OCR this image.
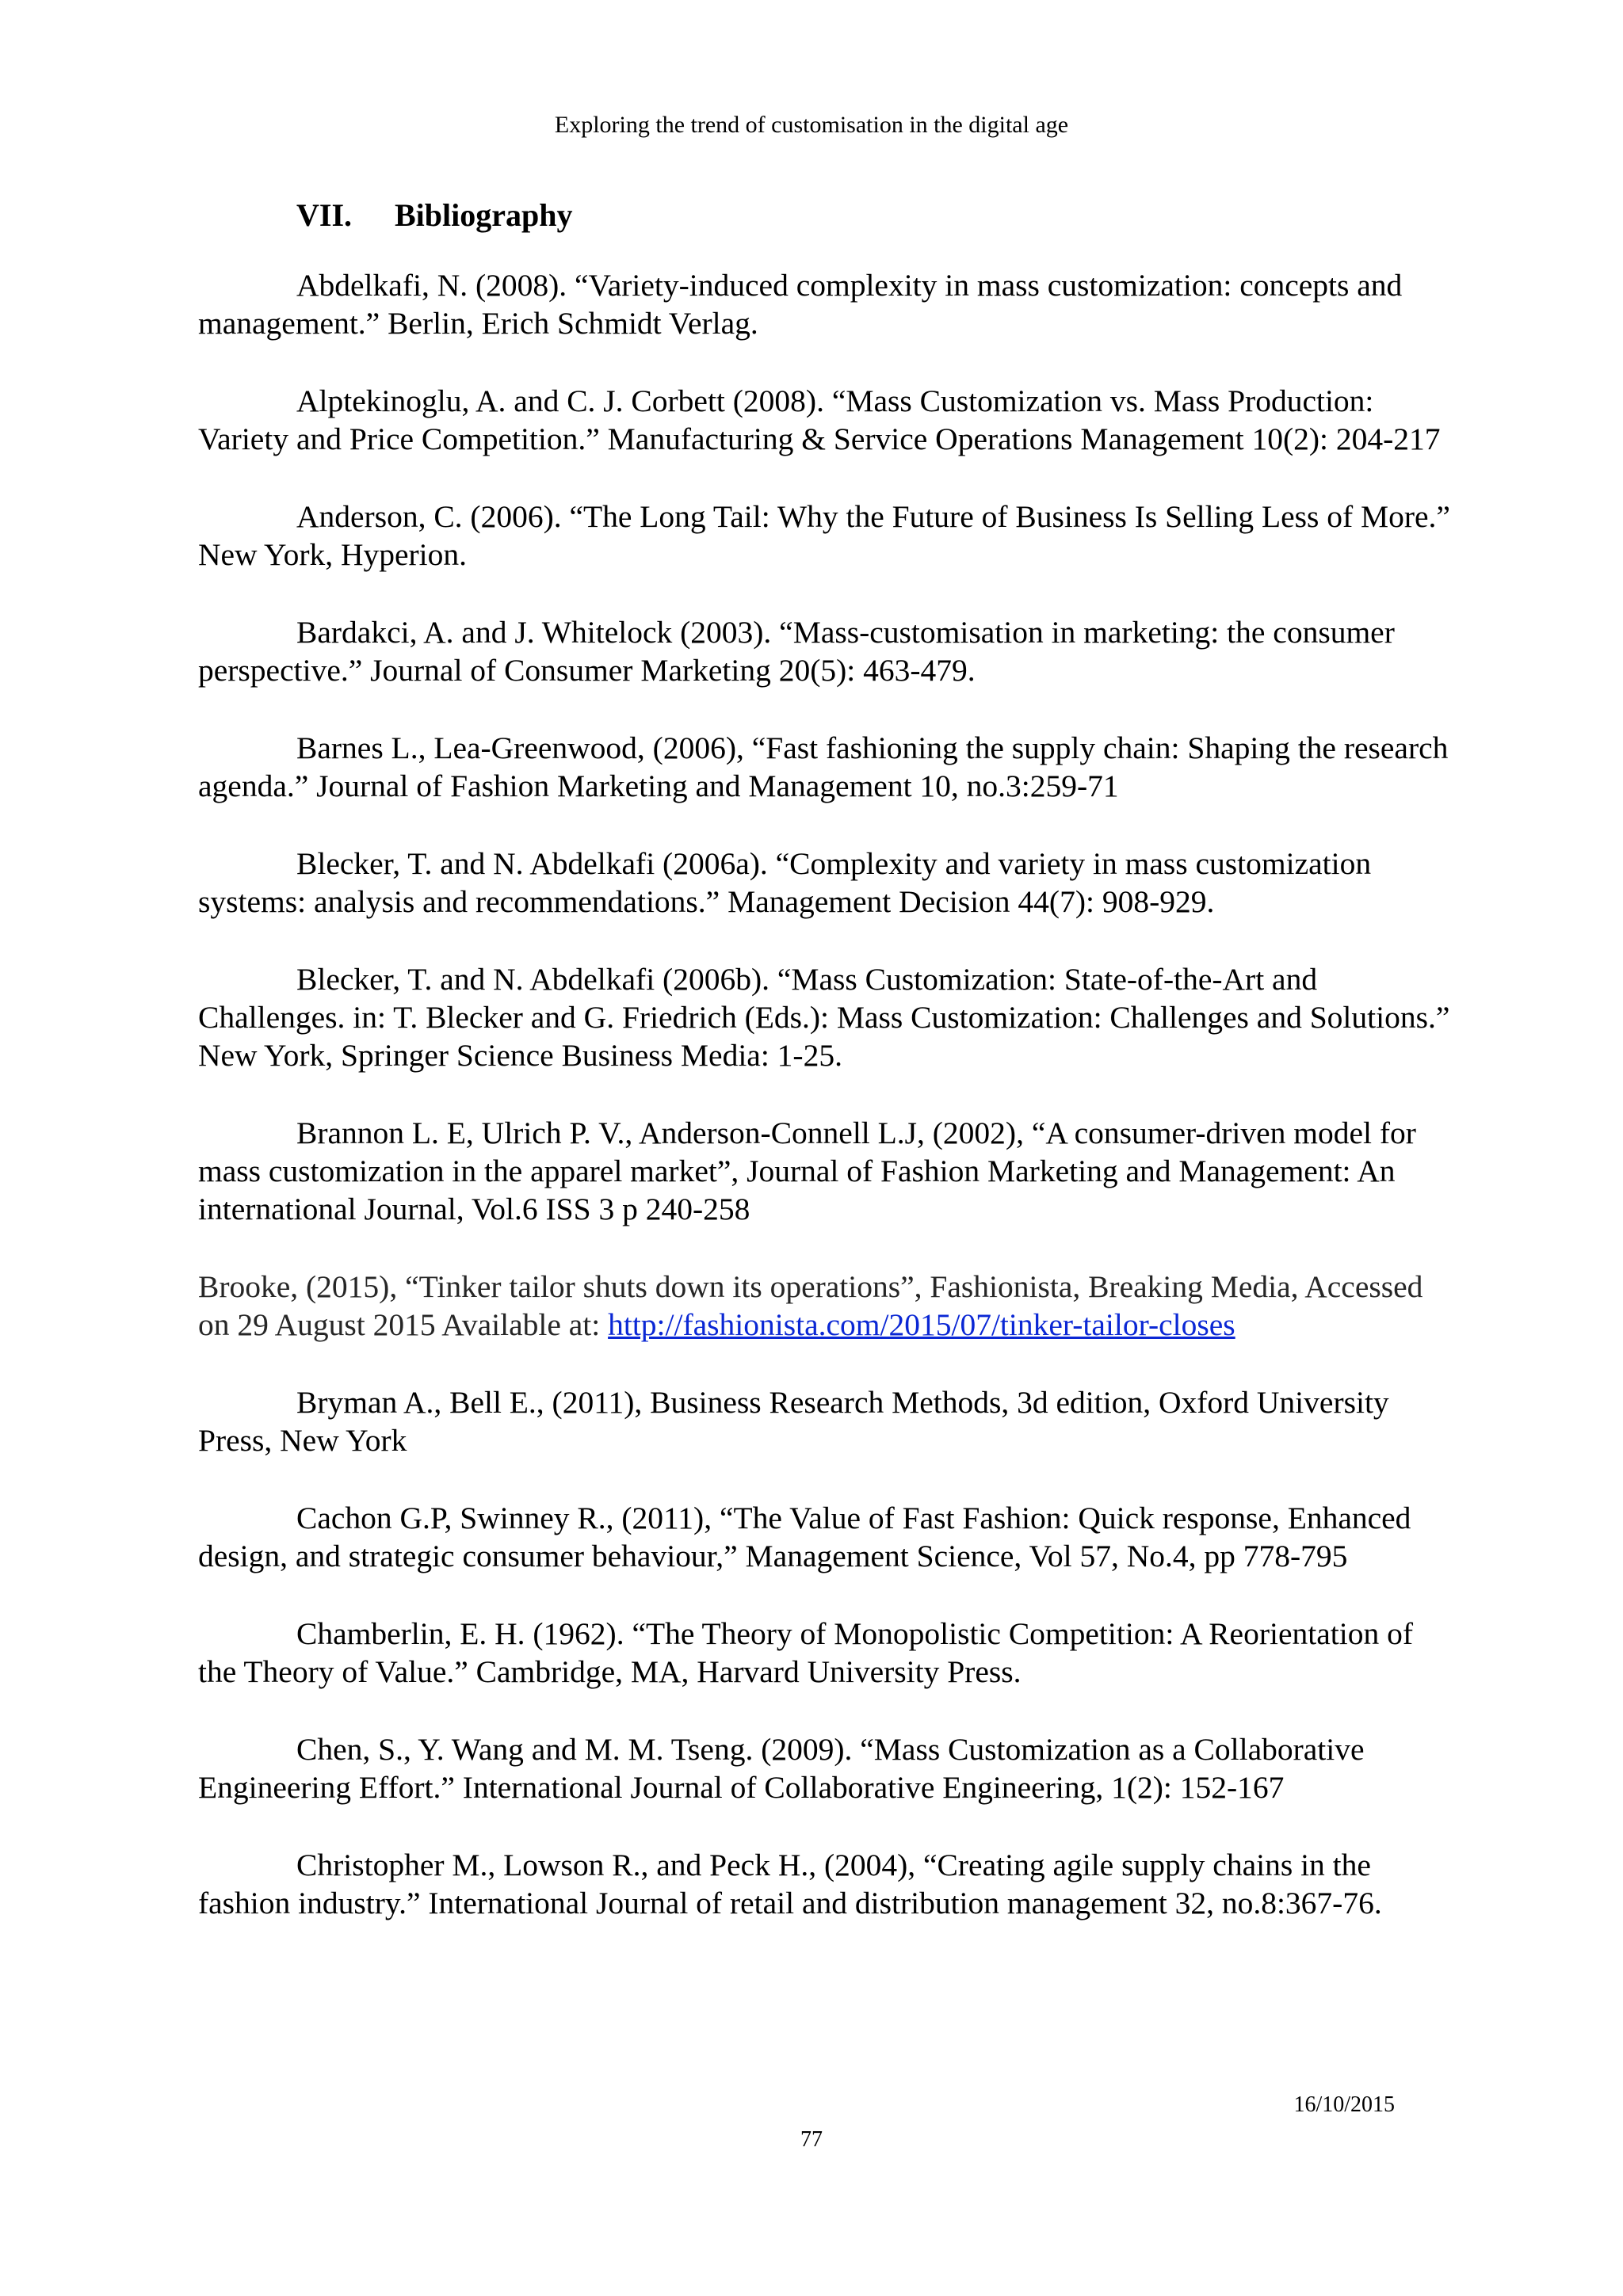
Exploring the trend of customisation in the digital age
VII. Bibliography
Abdelkafi, N. (2008). “Variety-induced complexity in mass customization: concepts and management.” Berlin, Erich Schmidt Verlag.
Alptekinoglu, A. and C. J. Corbett (2008). “Mass Customization vs. Mass Production: Variety and Price Competition.” Manufacturing & Service Operations Management 10(2): 204-217
Anderson, C. (2006). “The Long Tail: Why the Future of Business Is Selling Less of More.” New York, Hyperion.
Bardakci, A. and J. Whitelock (2003). “Mass-customisation in marketing: the consumer perspective.” Journal of Consumer Marketing 20(5): 463-479.
Barnes L., Lea-Greenwood, (2006), “Fast fashioning the supply chain: Shaping the research agenda.” Journal of Fashion Marketing and Management 10, no.3:259-71
Blecker, T. and N. Abdelkafi (2006a). “Complexity and variety in mass customization systems: analysis and recommendations.” Management Decision 44(7): 908-929.
Blecker, T. and N. Abdelkafi (2006b). “Mass Customization: State-of-the-Art and Challenges. in: T. Blecker and G. Friedrich (Eds.): Mass Customization: Challenges and Solutions.” New York, Springer Science Business Media: 1-25.
Brannon L. E, Ulrich P. V., Anderson-Connell L.J, (2002), “A consumer-driven model for mass customization in the apparel market”, Journal of Fashion Marketing and Management: An international Journal, Vol.6 ISS 3 p 240-258
Brooke, (2015), “Tinker tailor shuts down its operations”, Fashionista, Breaking Media, Accessed on 29 August 2015 Available at: http://fashionista.com/2015/07/tinker-tailor-closes
Bryman A., Bell E., (2011), Business Research Methods, 3d edition, Oxford University Press, New York
Cachon G.P, Swinney R., (2011), “The Value of Fast Fashion: Quick response, Enhanced design, and strategic consumer behaviour,” Management Science, Vol 57, No.4, pp 778-795
Chamberlin, E. H. (1962). “The Theory of Monopolistic Competition: A Reorientation of the Theory of Value.” Cambridge, MA, Harvard University Press.
Chen, S., Y. Wang and M. M. Tseng. (2009). “Mass Customization as a Collaborative Engineering Effort.” International Journal of Collaborative Engineering, 1(2): 152-167
Christopher M., Lowson R., and Peck H., (2004), “Creating agile supply chains in the fashion industry.” International Journal of retail and distribution management 32, no.8:367-76.
16/10/2015
77
